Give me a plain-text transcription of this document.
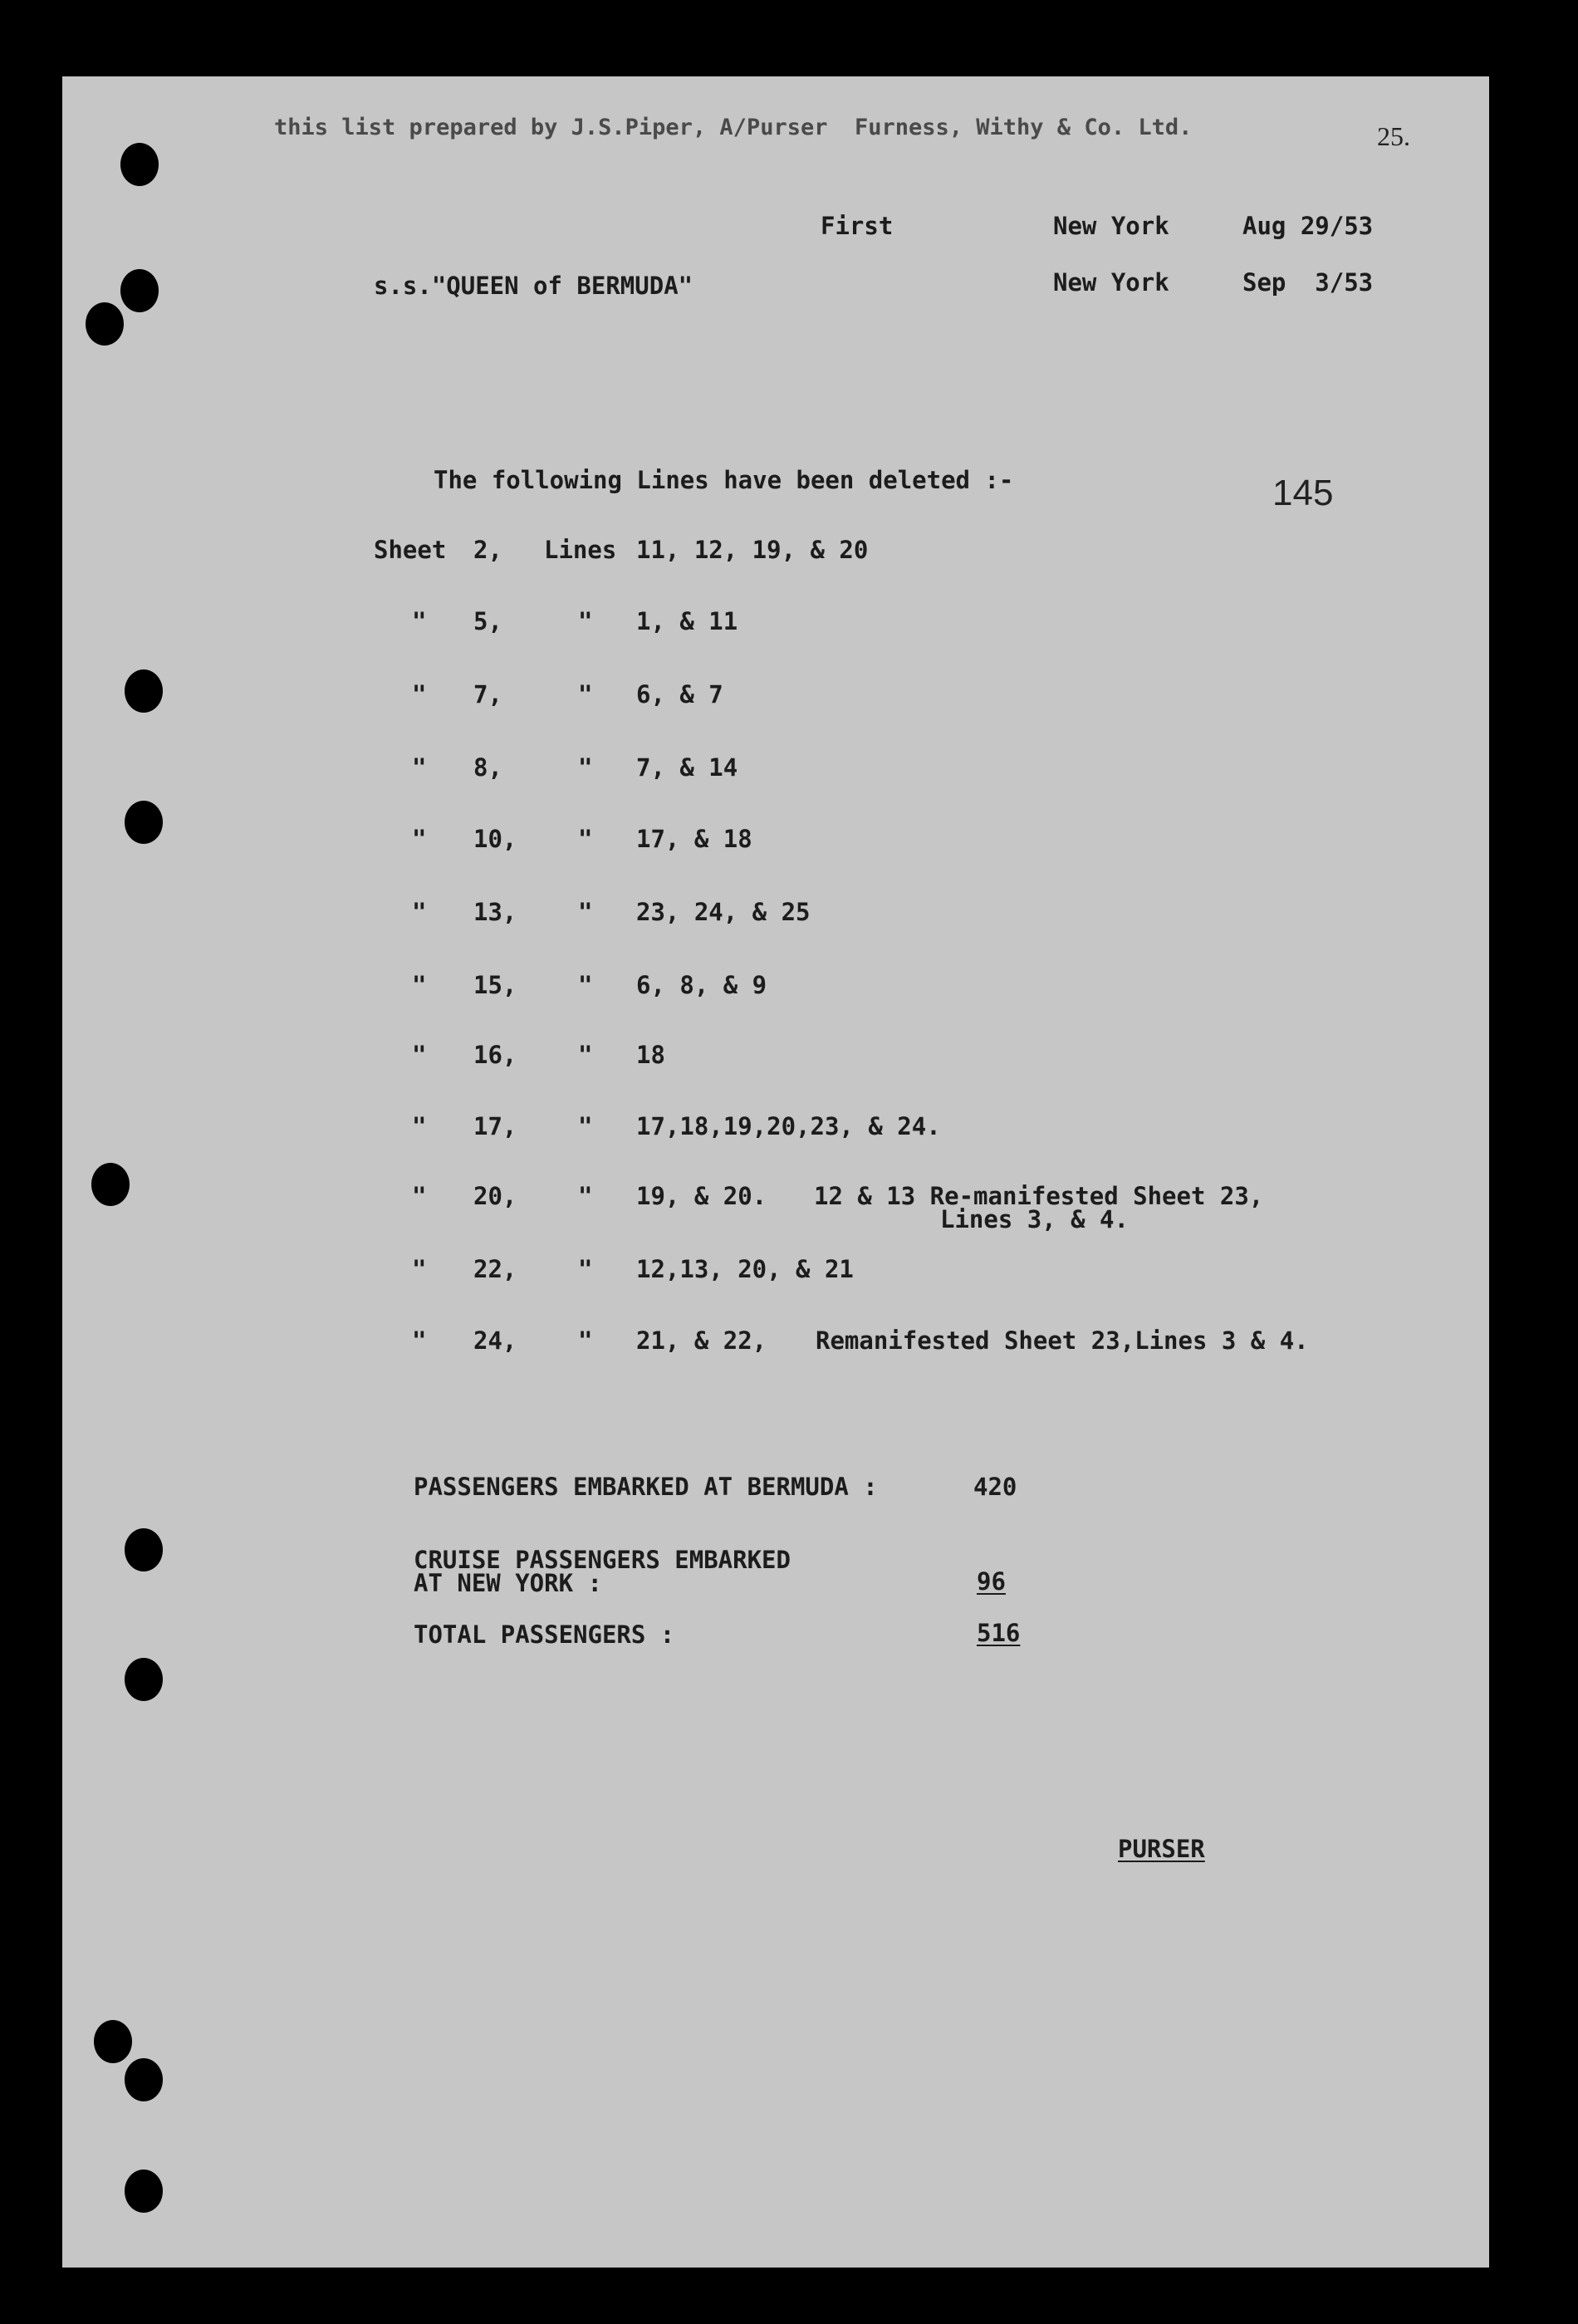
this list prepared by J.S.Piper, A/Purser  Furness, Withy & Co. Ltd.	25.
First	New York	Aug 29/53
s.s."QUEEN of BERMUDA"	New York	Sep  3/53
The following Lines have been deleted :-	145
Sheet 2, Lines 11, 12, 19, & 20
" 5,	" 1, & 11
" 7,	" 6, & 7
" 8,	" 7, & 14
" 10,	" 17, & 18
" 13,	" 23, 24, & 25
" 15,	" 6, 8, & 9
" 16,	" 18
" 17,	" 17,18,19,20,23, & 24.
" 20,	" 19, & 20. 12 & 13 Re-manifested Sheet 23,
Lines 3, & 4.
" 22,	" 12,13, 20, & 21
" 24,	" 21, & 22, Remanifested Sheet 23,Lines 3 & 4.
PASSENGERS EMBARKED AT BERMUDA :	420
CRUISE PASSENGERS EMBARKED
AT NEW YORK :	96
TOTAL PASSENGERS :	516
PURSER
